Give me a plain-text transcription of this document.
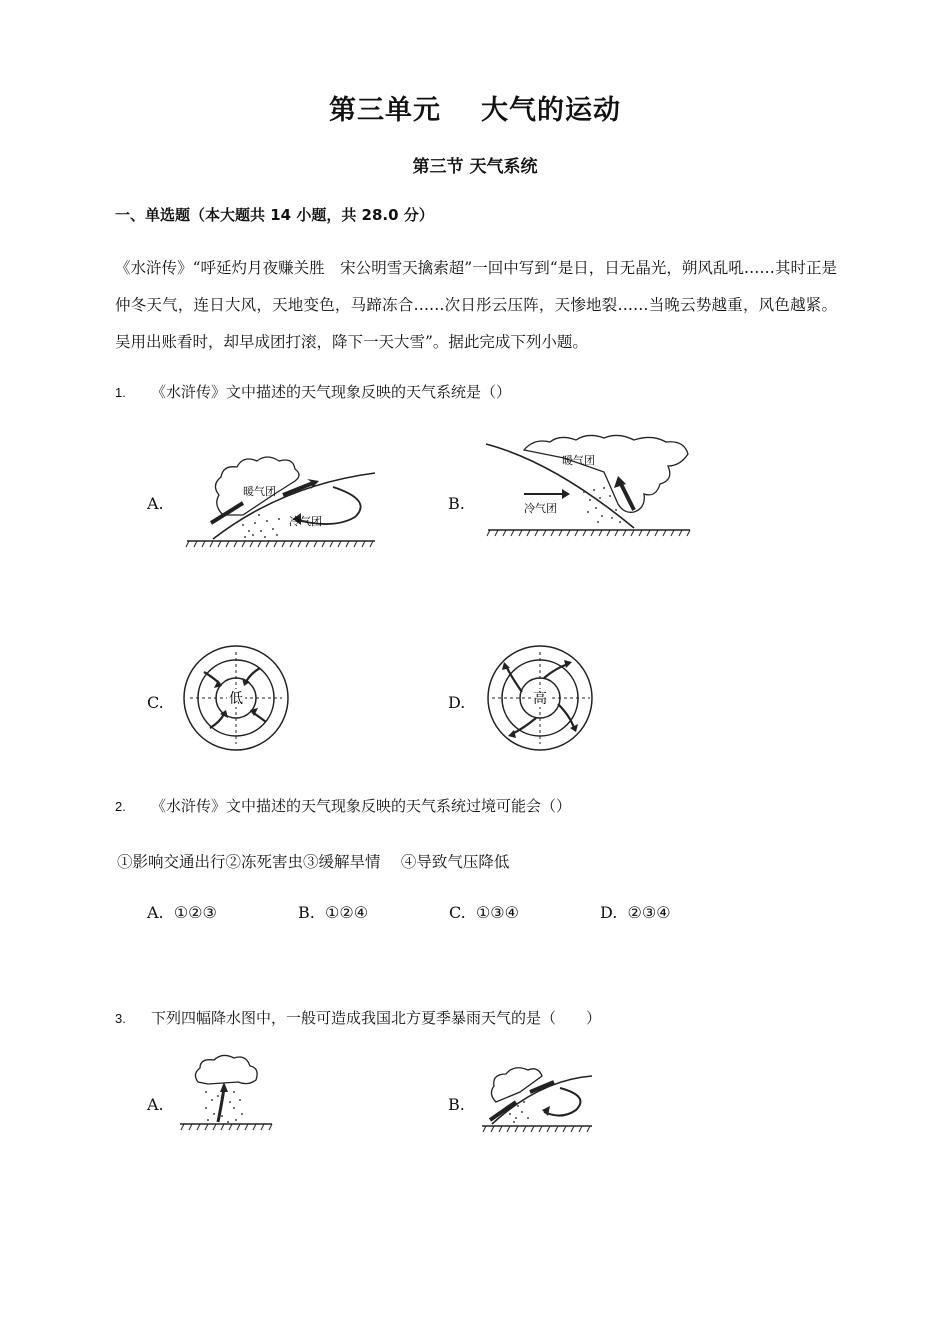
第三单元 大气的运动
第三节 天气系统
一、单选题（本大题共 14 小题，共 28.0 分）
《水浒传》“呼延灼月夜赚关胜　宋公明雪天擒索超”一回中写到“是日，日无晶光，朔风乱吼……其时正是仲冬天气，连日大风，天地变色，马蹄冻合……次日彤云压阵，天惨地裂……当晚云势越重，风色越紧。吴用出账看时，却早成团打滚，降下一天大雪”。据此完成下列小题。
1. 《水浒传》文中描述的天气现象反映的天气系统是（）
A.
暖气团
冷气团
B.
暖气团
冷气团
C.	低	D.	高
2. 《水浒传》文中描述的天气现象反映的天气系统过境可能会（）
①影响交通出行②冻死害虫③缓解旱情　 ④导致气压降低
A. ①②③	B. ①②④	C. ①③④	D. ②③④
3. 下列四幅降水图中，一般可造成我国北方夏季暴雨天气的是（　　）
A.	B.
